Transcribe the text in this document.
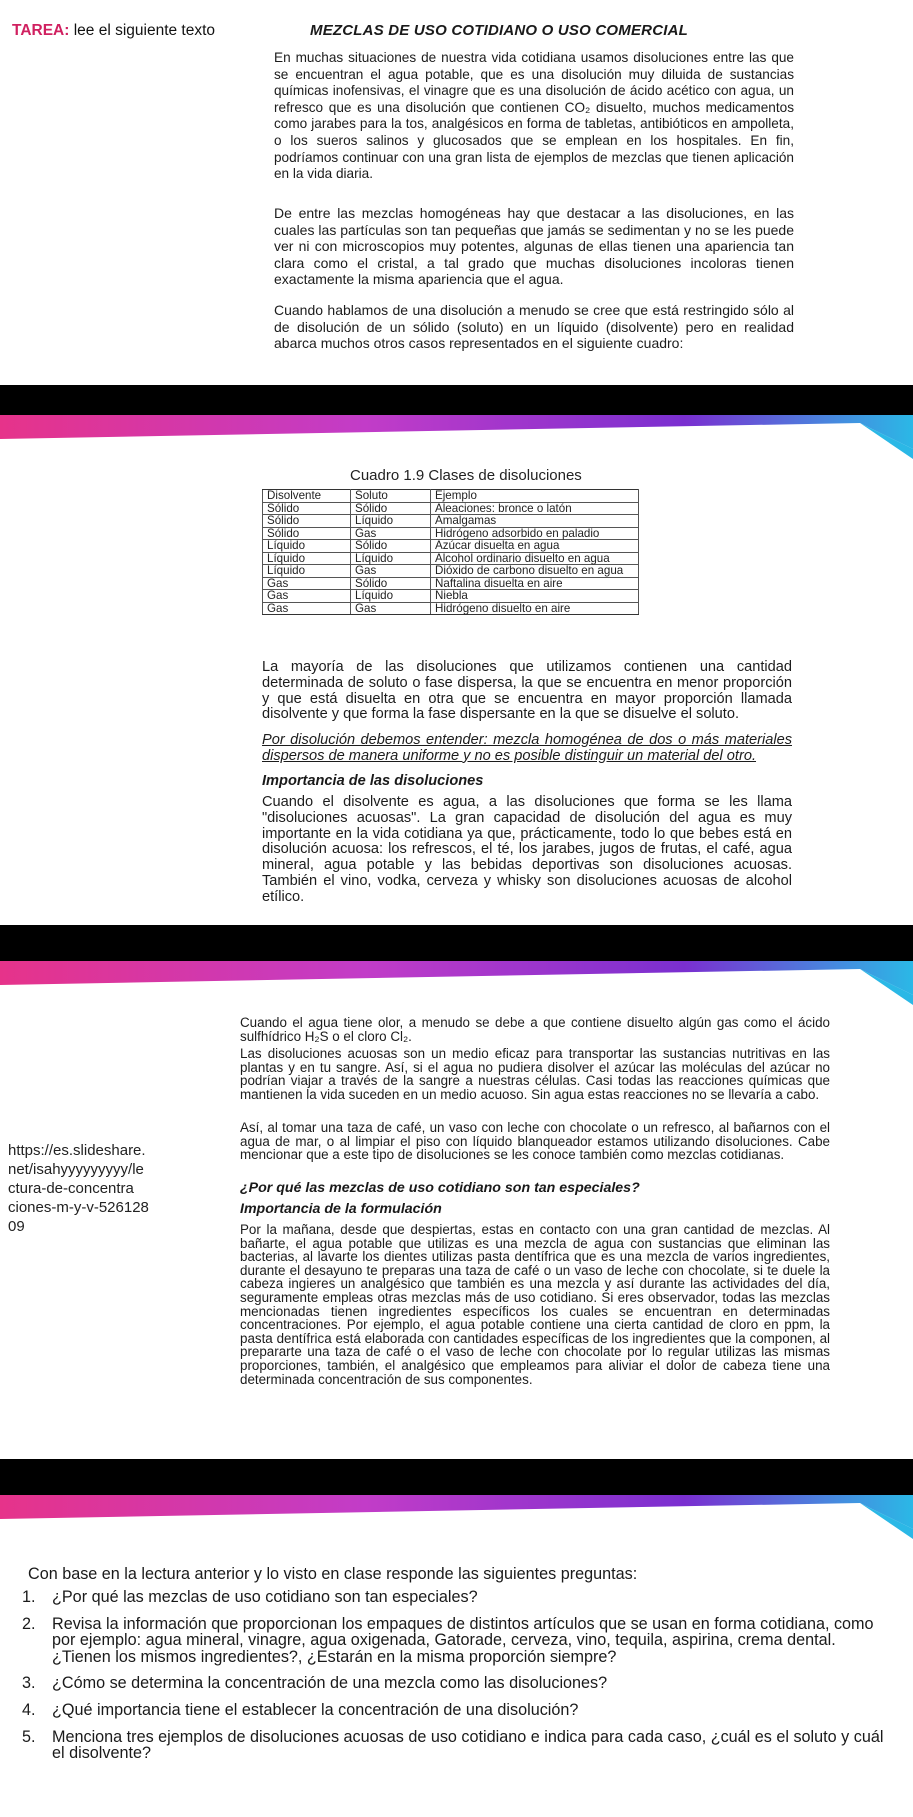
TAREA: lee el siguiente texto	MEZCLAS DE USO COTIDIANO O USO COMERCIAL

En muchas situaciones de nuestra vida cotidiana usamos disoluciones entre las que se encuentran el agua potable, que es una disolución muy diluida de sustancias químicas inofensivas, el vinagre que es una disolución de ácido acético con agua, un refresco que es una disolución que contienen CO₂ disuelto, muchos medicamentos como jarabes para la tos, analgésicos en forma de tabletas, antibióticos en ampolleta, o los sueros salinos y glucosados que se emplean en los hospitales. En fin, podríamos continuar con una gran lista de ejemplos de mezclas que tienen aplicación en la vida diaria.

De entre las mezclas homogéneas hay que destacar a las disoluciones, en las cuales las partículas son tan pequeñas que jamás se sedimentan y no se les puede ver ni con microscopios muy potentes, algunas de ellas tienen una apariencia tan clara como el cristal, a tal grado que muchas disoluciones incoloras tienen exactamente la misma apariencia que el agua.

Cuando hablamos de una disolución a menudo se cree que está restringido sólo al de disolución de un sólido (soluto) en un líquido (disolvente) pero en realidad abarca muchos otros casos representados en el siguiente cuadro:

Cuadro 1.9 Clases de disoluciones
Disolvente	Soluto	Ejemplo
Sólido	Sólido	Aleaciones: bronce o latón
Sólido	Líquido	Amalgamas
Sólido	Gas	Hidrógeno adsorbido en paladio
Líquido	Sólido	Azúcar disuelta en agua
Líquido	Líquido	Alcohol ordinario disuelto en agua
Líquido	Gas	Dióxido de carbono disuelto en agua
Gas	Sólido	Naftalina disuelta en aire
Gas	Líquido	Niebla
Gas	Gas	Hidrógeno disuelto en aire

La mayoría de las disoluciones que utilizamos contienen una cantidad determinada de soluto o fase dispersa, la que se encuentra en menor proporción y que está disuelta en otra que se encuentra en mayor proporción llamada disolvente y que forma la fase dispersante en la que se disuelve el soluto.

Por disolución debemos entender: mezcla homogénea de dos o más materiales dispersos de manera uniforme y no es posible distinguir un material del otro.

Importancia de las disoluciones

Cuando el disolvente es agua, a las disoluciones que forma se les llama "disoluciones acuosas". La gran capacidad de disolución del agua es muy importante en la vida cotidiana ya que, prácticamente, todo lo que bebes está en disolución acuosa: los refrescos, el té, los jarabes, jugos de frutas, el café, agua mineral, agua potable y las bebidas deportivas son disoluciones acuosas. También el vino, vodka, cerveza y whisky son disoluciones acuosas de alcohol etílico.

Cuando el agua tiene olor, a menudo se debe a que contiene disuelto algún gas como el ácido sulfhídrico H₂S o el cloro Cl₂.

Las disoluciones acuosas son un medio eficaz para transportar las sustancias nutritivas en las plantas y en tu sangre. Así, si el agua no pudiera disolver el azúcar las moléculas del azúcar no podrían viajar a través de la sangre a nuestras células. Casi todas las reacciones químicas que mantienen la vida suceden en un medio acuoso. Sin agua estas reacciones no se llevaría a cabo.

Así, al tomar una taza de café, un vaso con leche con chocolate o un refresco, al bañarnos con el agua de mar, o al limpiar el piso con líquido blanqueador estamos utilizando disoluciones. Cabe mencionar que a este tipo de disoluciones se les conoce también como mezclas cotidianas.

https://es.slideshare.
net/isahyyyyyyyyy/le
ctura-de-concentra
ciones-m-y-v-526128
09
¿Por qué las mezclas de uso cotidiano son tan especiales?
Importancia de la formulación

Por la mañana, desde que despiertas, estas en contacto con una gran cantidad de mezclas. Al bañarte, el agua potable que utilizas es una mezcla de agua con sustancias que eliminan las bacterias, al lavarte los dientes utilizas pasta dentífrica que es una mezcla de varios ingredientes, durante el desayuno te preparas una taza de café o un vaso de leche con chocolate, si te duele la cabeza ingieres un analgésico que también es una mezcla y así durante las actividades del día, seguramente empleas otras mezclas más de uso cotidiano. Si eres observador, todas las mezclas mencionadas tienen ingredientes específicos los cuales se encuentran en determinadas concentraciones. Por ejemplo, el agua potable contiene una cierta cantidad de cloro en ppm, la pasta dentífrica está elaborada con cantidades específicas de los ingredientes que la componen, al prepararte una taza de café o el vaso de leche con chocolate por lo regular utilizas las mismas proporciones, también, el analgésico que empleamos para aliviar el dolor de cabeza tiene una determinada concentración de sus componentes.

Con base en la lectura anterior y lo visto en clase responde las siguientes preguntas:
1.	¿Por qué las mezclas de uso cotidiano son tan especiales?
2.	Revisa la información que proporcionan los empaques de distintos artículos que se usan en forma cotidiana, como por ejemplo: agua mineral, vinagre, agua oxigenada, Gatorade, cerveza, vino, tequila, aspirina, crema dental. ¿Tienen los mismos ingredientes?, ¿Estarán en la misma proporción siempre?
3.	¿Cómo se determina la concentración de una mezcla como las disoluciones?
4.	¿Qué importancia tiene el establecer la concentración de una disolución?
5.	Menciona tres ejemplos de disoluciones acuosas de uso cotidiano e indica para cada caso, ¿cuál es el soluto y cuál el disolvente?
